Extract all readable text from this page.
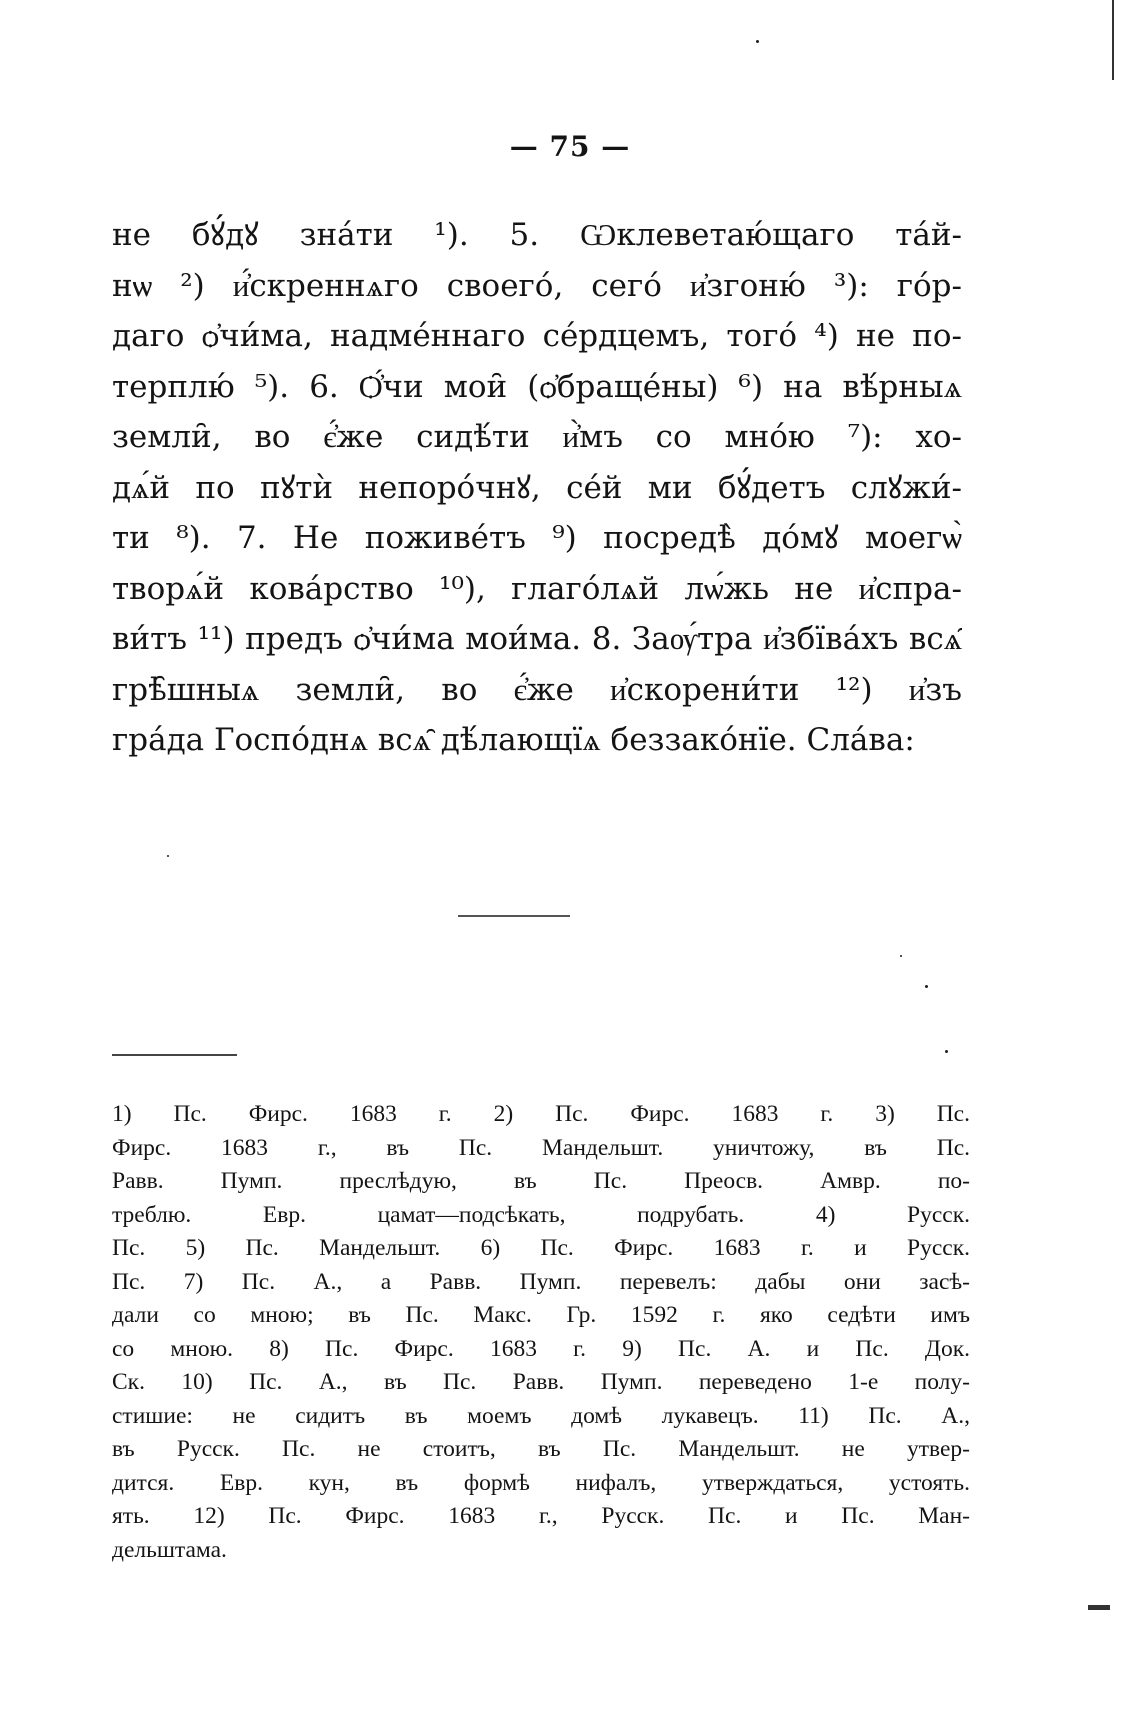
— 75 —
не бꙋ́дꙋ зна́ти ¹). 5. Ѡклеветаю́щаго та́й-
нѡ ²) и҆́скреннѧго своего́, сего́ и҆згоню́ ³): го́р-
даго ѻ҆чи́ма, надме́ннаго се́рдцемъ, того́ ⁴) не по-
терплю́ ⁵). 6. Ѻ҆́чи мои̑ (ѻ҆браще́ны) ⁶) на вѣ́рныѧ
земли̑, во є҆́же сидѣ́ти и҆̀мъ со мно́ю ⁷): хо-
дѧ́й по пꙋтѝ непоро́чнꙋ, се́й ми бꙋ́детъ слꙋжи́-
ти ⁸). 7. Не поживе́тъ ⁹) посредѣ̀ до́мꙋ моегѡ̀
творѧ́й кова́рство ¹⁰), глаго́лѧй лѡ́жь не и҆спра-
ви́тъ ¹¹) предъ ѻ҆чи́ма мои́ма. 8. Заѹ́тра и҆збїва́хъ всѧ̑
грѣ̑шныѧ земли̑, во є҆́же и҆скорени́ти ¹²) и҆зъ
гра́да Госпо́днѧ всѧ̑ дѣ́лающїѧ беззако́нїе. Сла́ва:
1) Пс. Фирс. 1683 г. 2) Пс. Фирс. 1683 г. 3) Пс.
Фирс. 1683 г., въ Пс. Мандельшт. уничтожу, въ Пс.
Равв. Пумп. преслѣдую, въ Пс. Преосв. Амвр. по-
треблю. Евр. цамат—подсѣкать, подрубать. 4) Русск.
Пс. 5) Пс. Мандельшт. 6) Пс. Фирс. 1683 г. и Русск.
Пс. 7) Пс. А., а Равв. Пумп. перевелъ: дабы они засѣ-
дали со мною; въ Пс. Макс. Гр. 1592 г. яко седѣти имъ
со мною. 8) Пс. Фирс. 1683 г. 9) Пс. А. и Пс. Док.
Ск. 10) Пс. А., въ Пс. Равв. Пумп. переведено 1-е полу-
стишие: не сидитъ въ моемъ домѣ лукавецъ. 11) Пс. А.,
въ Русск. Пс. не стоитъ, въ Пс. Мандельшт. не утвер-
дится. Евр. кун, въ формѣ нифалъ, утверждаться, устоять.
ять. 12) Пс. Фирс. 1683 г., Русск. Пс. и Пс. Ман-
дельштама.
